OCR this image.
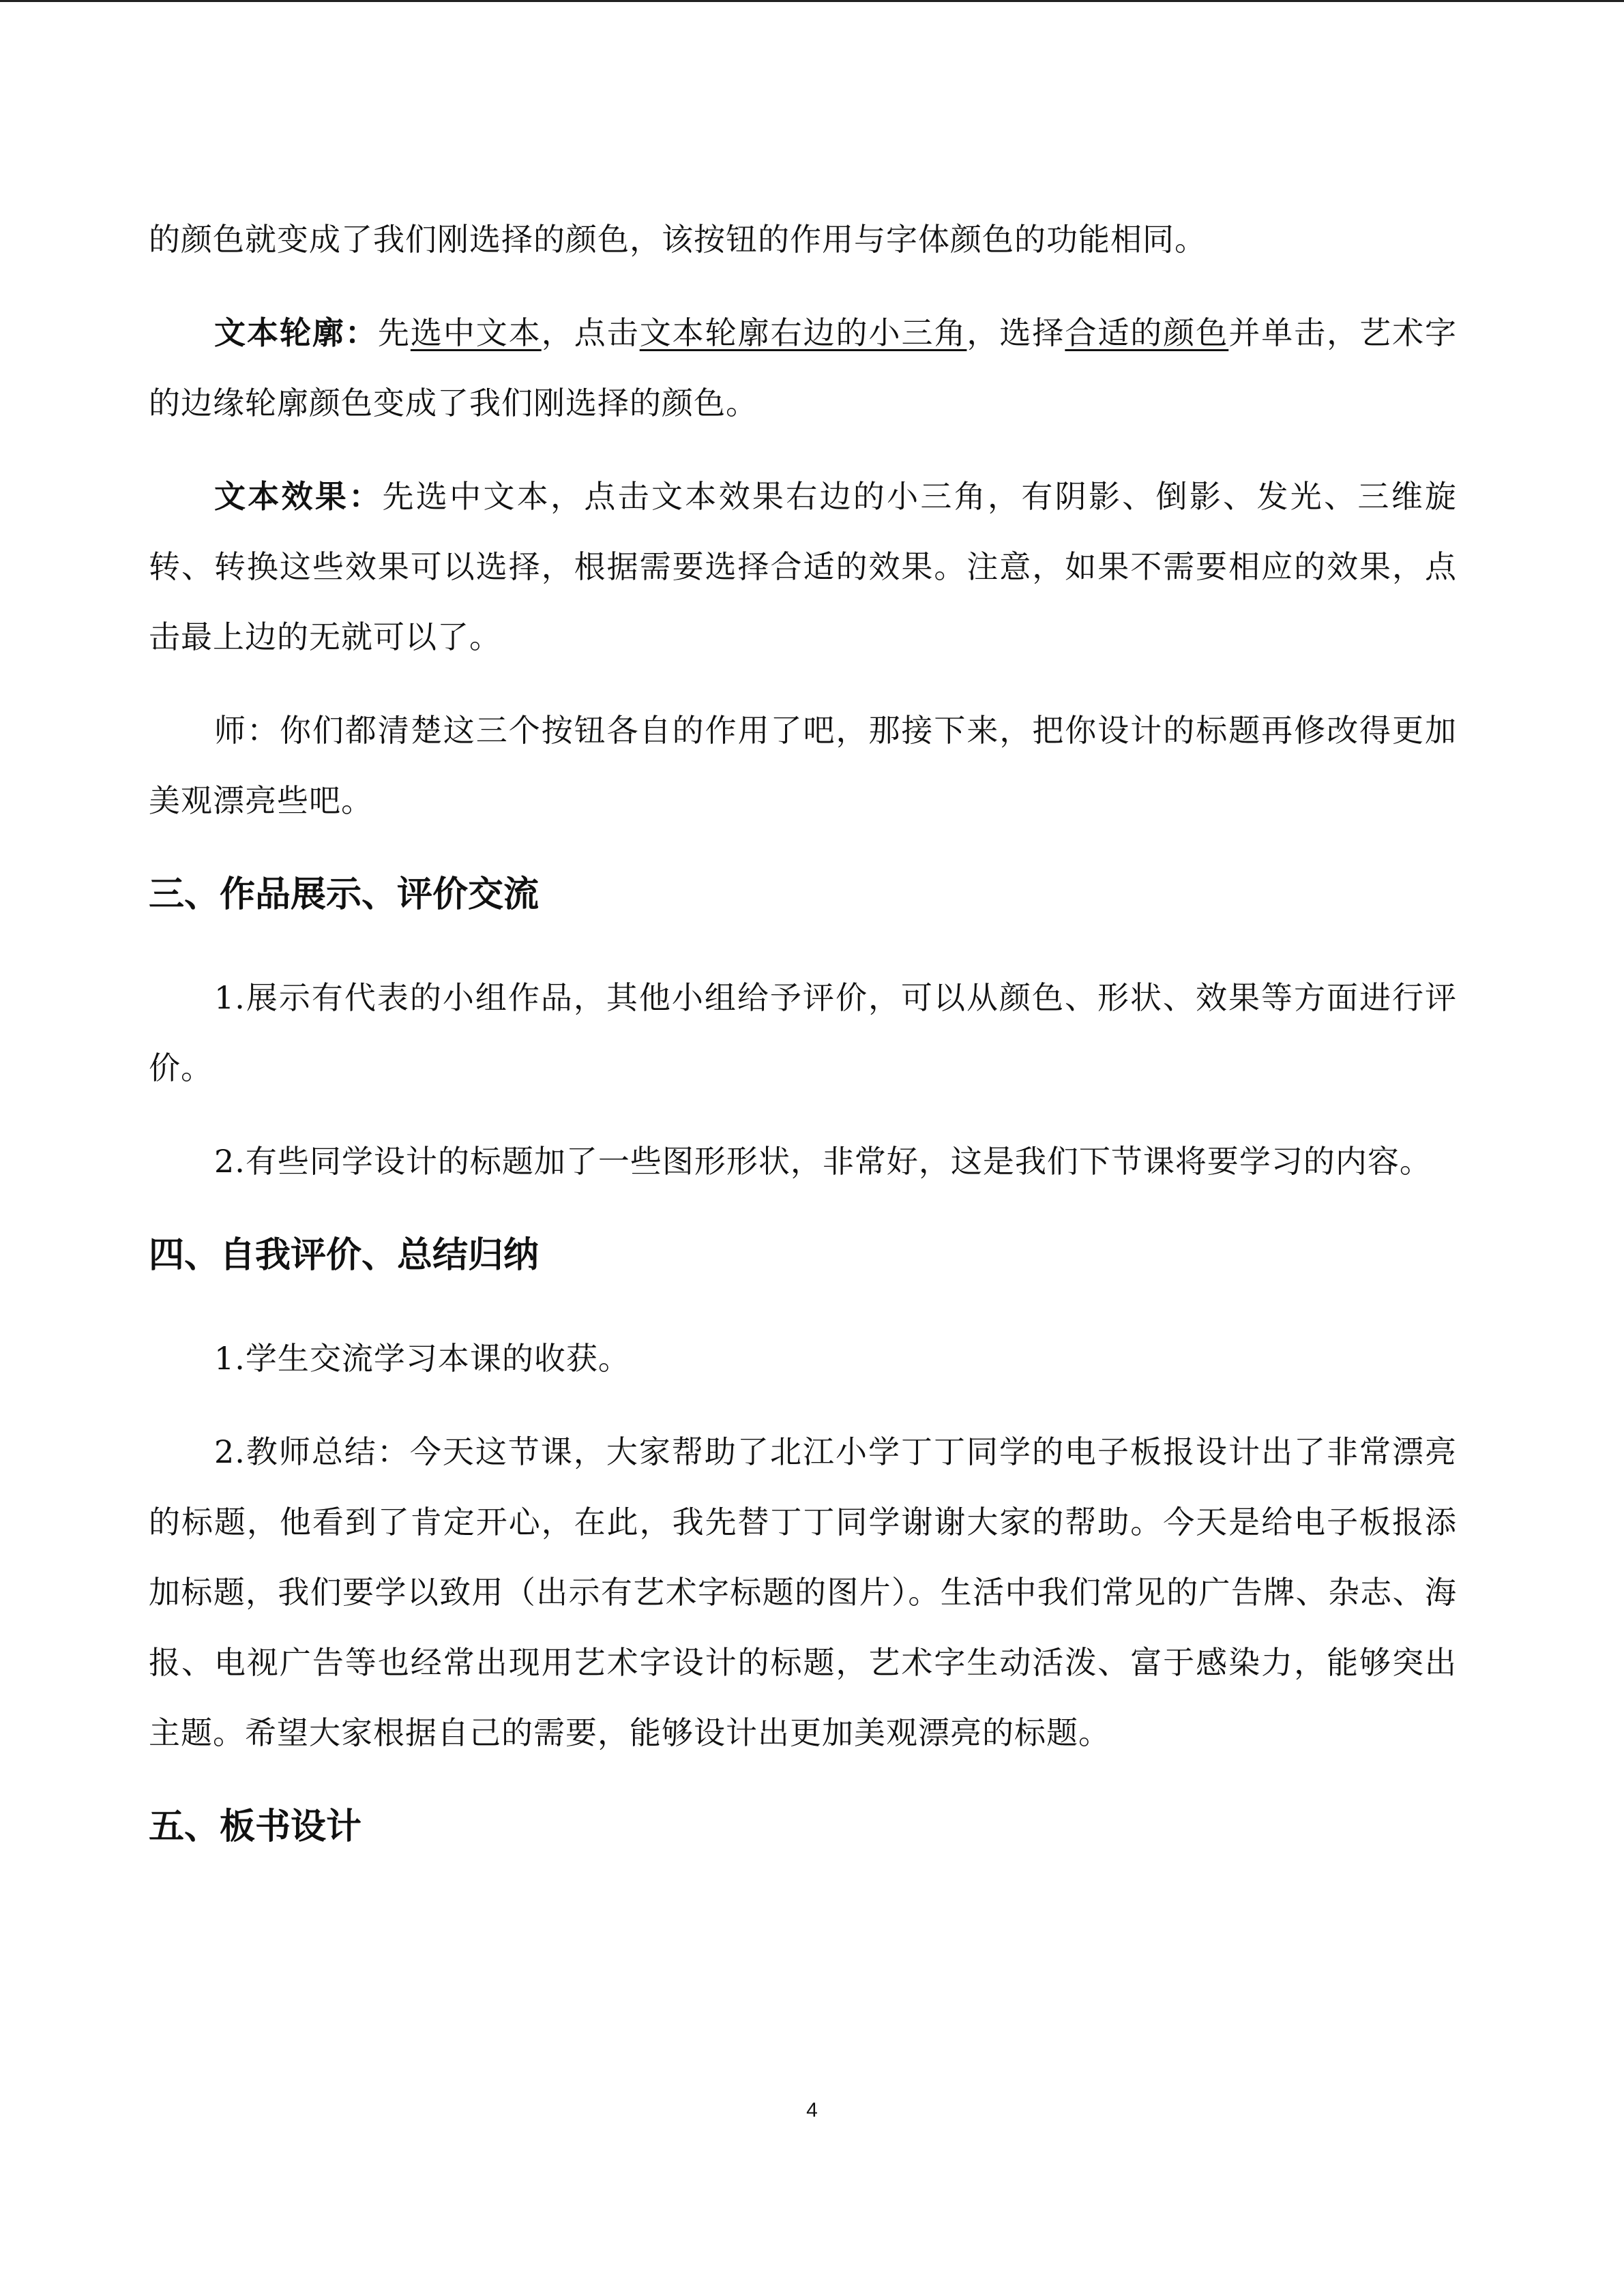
的颜色就变成了我们刚选择的颜色，该按钮的作用与字体颜色的功能相同。

文本轮廓：先选中文本，点击文本轮廓右边的小三角，选择合适的颜色并单击，艺术字的边缘轮廓颜色变成了我们刚选择的颜色。

文本效果：先选中文本，点击文本效果右边的小三角，有阴影、倒影、发光、三维旋转、转换这些效果可以选择，根据需要选择合适的效果。注意，如果不需要相应的效果，点击最上边的无就可以了。

师：你们都清楚这三个按钮各自的作用了吧，那接下来，把你设计的标题再修改得更加美观漂亮些吧。

三、作品展示、评价交流

1.展示有代表的小组作品，其他小组给予评价，可以从颜色、形状、效果等方面进行评价。

2.有些同学设计的标题加了一些图形形状，非常好，这是我们下节课将要学习的内容。

四、自我评价、总结归纳

1.学生交流学习本课的收获。

2.教师总结：今天这节课，大家帮助了北江小学丁丁同学的电子板报设计出了非常漂亮的标题，他看到了肯定开心，在此，我先替丁丁同学谢谢大家的帮助。今天是给电子板报添加标题，我们要学以致用（出示有艺术字标题的图片）。生活中我们常见的广告牌、杂志、海报、电视广告等也经常出现用艺术字设计的标题，艺术字生动活泼、富于感染力，能够突出主题。希望大家根据自己的需要，能够设计出更加美观漂亮的标题。

五、板书设计
4
